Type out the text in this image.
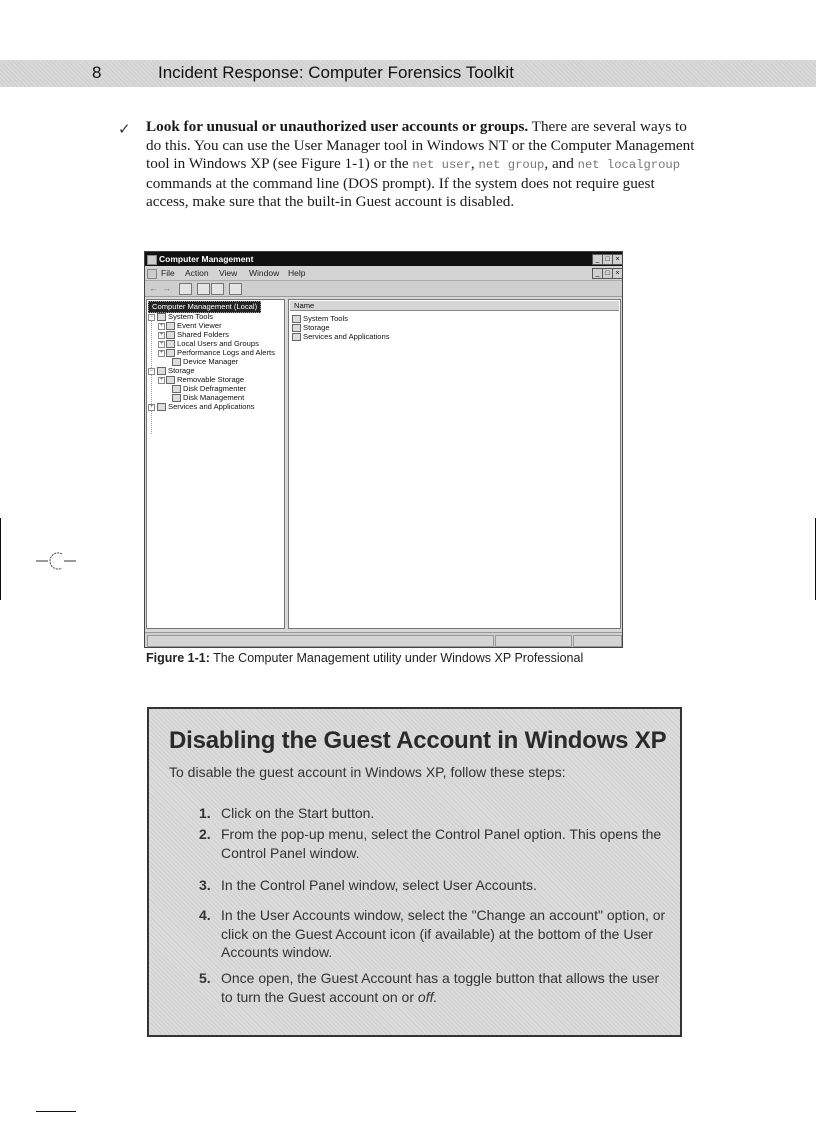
8	Incident Response: Computer Forensics Toolkit
✓ Look for unusual or unauthorized user accounts or groups. There are several ways to do this. You can use the User Manager tool in Windows NT or the Computer Management tool in Windows XP (see Figure 1-1) or the net user, net group, and net localgroup commands at the command line (DOS prompt). If the system does not require guest access, make sure that the built-in Guest account is disabled.
Computer Management	_ □ ×
File Action View Window Help	_ □ ×
← →
Computer Management (Local)
−	System Tools
+	Event Viewer
+	Shared Folders
+	Local Users and Groups
+	Performance Logs and Alerts
Device Manager
−	Storage
+	Removable Storage
Disk Defragmenter
Disk Management
+	Services and Applications
Name
System Tools
Storage
Services and Applications
Figure 1-1: The Computer Management utility under Windows XP Professional
Disabling the Guest Account in Windows XP
To disable the guest account in Windows XP, follow these steps:
1. Click on the Start button.
2. From the pop-up menu, select the Control Panel option. This opens the Control Panel window.
3. In the Control Panel window, select User Accounts.
4. In the User Accounts window, select the "Change an account" option, or click on the Guest Account icon (if available) at the bottom of the User Accounts window.
5. Once open, the Guest Account has a toggle button that allows the user to turn the Guest account on or off.
